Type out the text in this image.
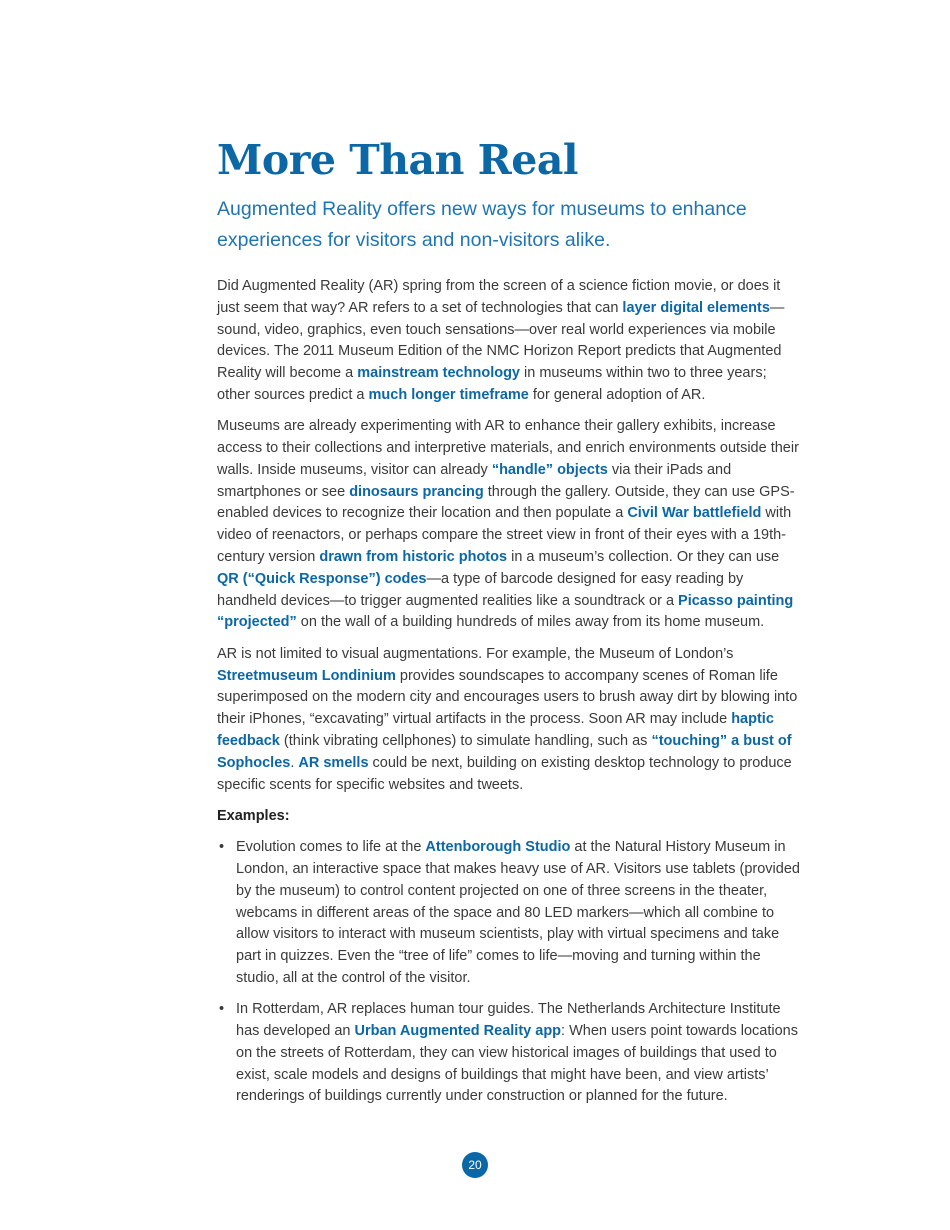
More Than Real
Augmented Reality offers new ways for museums to enhance experiences for visitors and non-visitors alike.

Did Augmented Reality (AR) spring from the screen of a science fiction movie, or does it just seem that way? AR refers to a set of technologies that can layer digital elements—sound, video, graphics, even touch sensations—over real world experiences via mobile devices. The 2011 Museum Edition of the NMC Horizon Report predicts that Augmented Reality will become a mainstream technology in museums within two to three years; other sources predict a much longer timeframe for general adoption of AR.

Museums are already experimenting with AR to enhance their gallery exhibits, increase access to their collections and interpretive materials, and enrich environments outside their walls. Inside museums, visitor can already “handle” objects via their iPads and smartphones or see dinosaurs prancing through the gallery. Outside, they can use GPS-enabled devices to recognize their location and then populate a Civil War battlefield with video of reenactors, or perhaps compare the street view in front of their eyes with a 19th-century version drawn from historic photos in a museum’s collection. Or they can use QR (“Quick Response”) codes—a type of barcode designed for easy reading by handheld devices—to trigger augmented realities like a soundtrack or a Picasso painting “projected” on the wall of a building hundreds of miles away from its home museum.

AR is not limited to visual augmentations. For example, the Museum of London’s Streetmuseum Londinium provides soundscapes to accompany scenes of Roman life superimposed on the modern city and encourages users to brush away dirt by blowing into their iPhones, “excavating” virtual artifacts in the process. Soon AR may include haptic feedback (think vibrating cellphones) to simulate handling, such as “touching” a bust of Sophocles. AR smells could be next, building on existing desktop technology to produce specific scents for specific websites and tweets.

Examples:
• Evolution comes to life at the Attenborough Studio at the Natural History Museum in London, an interactive space that makes heavy use of AR. Visitors use tablets (provided by the museum) to control content projected on one of three screens in the theater, webcams in different areas of the space and 80 LED markers—which all combine to allow visitors to interact with museum scientists, play with virtual specimens and take part in quizzes. Even the “tree of life” comes to life—moving and turning within the studio, all at the control of the visitor.
• In Rotterdam, AR replaces human tour guides. The Netherlands Architecture Institute has developed an Urban Augmented Reality app: When users point towards locations on the streets of Rotterdam, they can view historical images of buildings that used to exist, scale models and designs of buildings that might have been, and view artists’ renderings of buildings currently under construction or planned for the future.
20
